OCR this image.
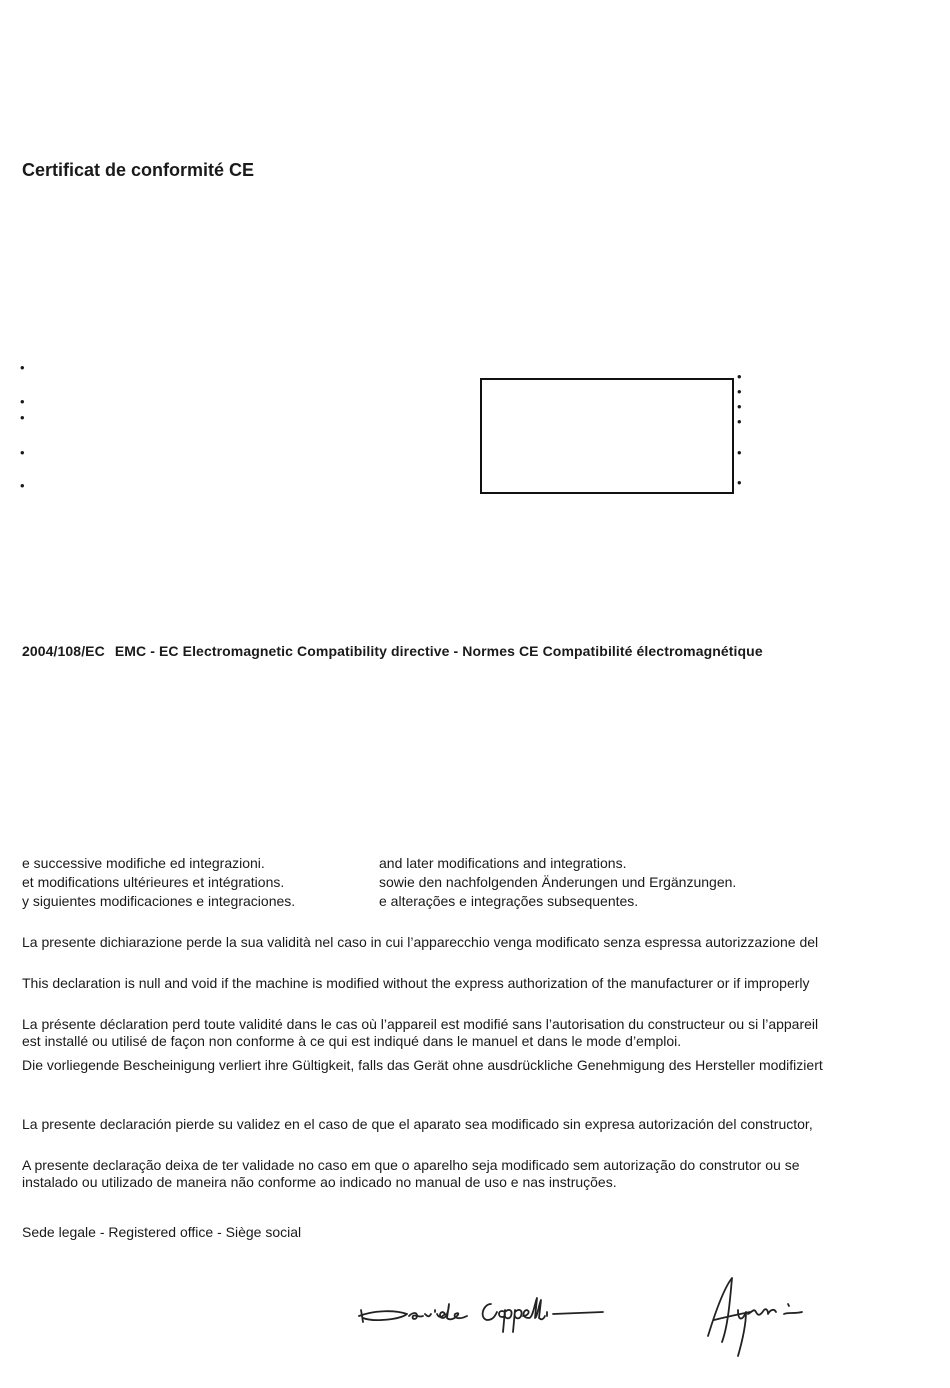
Certificat de conformité CE
•
•
•
•
•
•
•
•
•
•
•
2004/108/EC EMC - EC Electromagnetic Compatibility directive - Normes CE Compatibilité électromagnétique
e successive modifiche ed integrazioni.
et modifications ultérieures et intégrations.
y siguientes modificaciones e integraciones.
and later modifications and integrations.
sowie den nachfolgenden Änderungen und Ergänzungen.
e alterações e integrações subsequentes.
La presente dichiarazione perde la sua validità nel caso in cui l’apparecchio venga modificato senza espressa autorizzazione del
This declaration is null and void if the machine is modified without the express authorization of the manufacturer or if improperly
La présente déclaration perd toute validité dans le cas où l’appareil est modifié sans l’autorisation du constructeur ou si l’appareil
est installé ou utilisé de façon non conforme à ce qui est indiqué dans le manuel et dans le mode d’emploi.
Die vorliegende Bescheinigung verliert ihre Gültigkeit, falls das Gerät ohne ausdrückliche Genehmigung des Hersteller modifiziert
La presente declaración pierde su validez en el caso de que el aparato sea modificado sin expresa autorización del constructor,
A presente declaração deixa de ter validade no caso em que o aparelho seja modificado sem autorização do construtor ou se
instalado ou utilizado de maneira não conforme ao indicado no manual de uso e nas instruções.
Sede legale - Registered office - Siège social
